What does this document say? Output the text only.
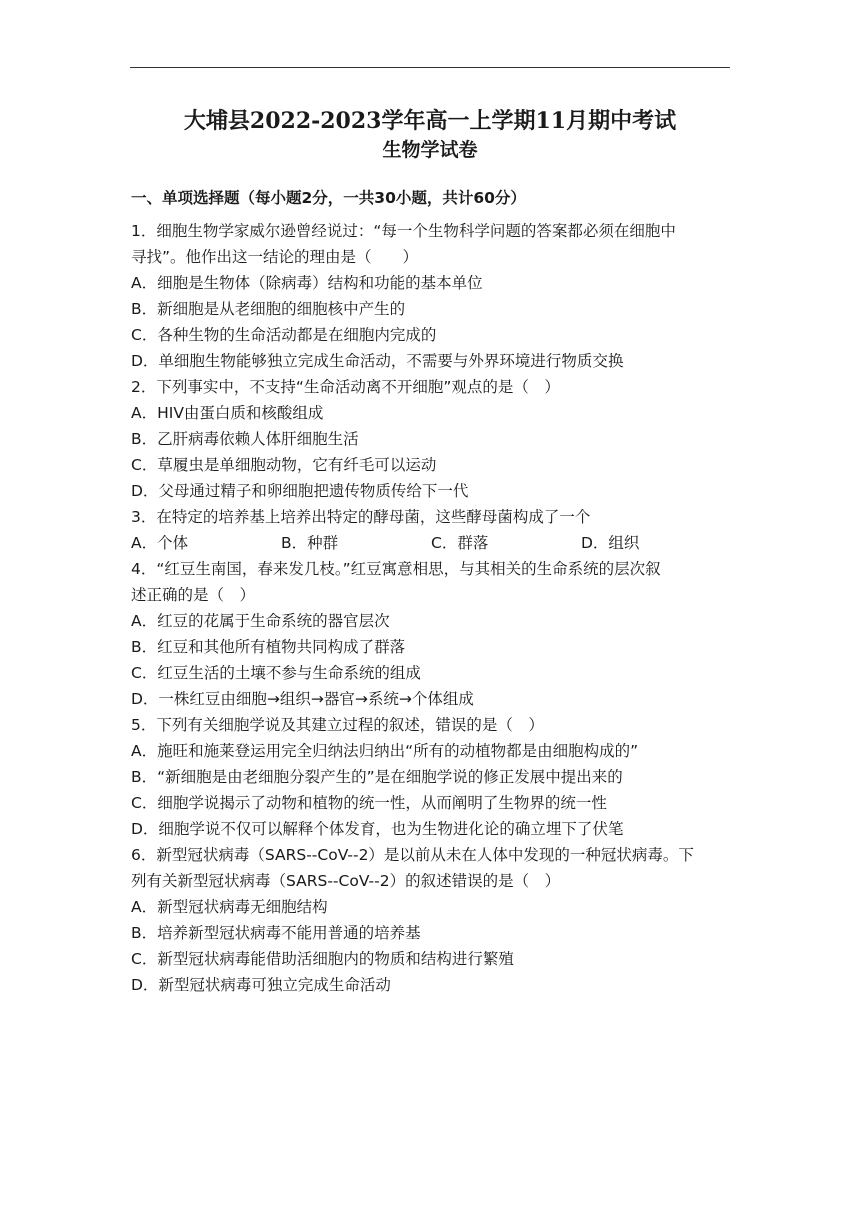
大埔县2022-2023学年高一上学期11月期中考试
生物学试卷
一、单项选择题（每小题2分，一共30小题，共计60分）
1．细胞生物学家威尔逊曾经说过：“每一个生物科学问题的答案都必须在细胞中
寻找”。他作出这一结论的理由是（　　）
A．细胞是生物体（除病毒）结构和功能的基本单位
B．新细胞是从老细胞的细胞核中产生的
C．各种生物的生命活动都是在细胞内完成的
D．单细胞生物能够独立完成生命活动，不需要与外界环境进行物质交换
2．下列事实中，不支持“生命活动离不开细胞”观点的是（　）
A．HIV由蛋白质和核酸组成
B．乙肝病毒依赖人体肝细胞生活
C．草履虫是单细胞动物，它有纤毛可以运动
D．父母通过精子和卵细胞把遗传物质传给下一代
3．在特定的培养基上培养出特定的酵母菌，这些酵母菌构成了一个
A．个体	B．种群	C．群落	D．组织
4．“红豆生南国，春来发几枝。”红豆寓意相思，与其相关的生命系统的层次叙
述正确的是（　）
A．红豆的花属于生命系统的器官层次
B．红豆和其他所有植物共同构成了群落
C．红豆生活的土壤不参与生命系统的组成
D．一株红豆由细胞→组织→器官→系统→个体组成
5．下列有关细胞学说及其建立过程的叙述，错误的是（　）
A．施旺和施莱登运用完全归纳法归纳出“所有的动植物都是由细胞构成的”
B．“新细胞是由老细胞分裂产生的”是在细胞学说的修正发展中提出来的
C．细胞学说揭示了动物和植物的统一性，从而阐明了生物界的统一性
D．细胞学说不仅可以解释个体发育，也为生物进化论的确立埋下了伏笔
6．新型冠状病毒（SARS--CoV--2）是以前从未在人体中发现的一种冠状病毒。下
列有关新型冠状病毒（SARS--CoV--2）的叙述错误的是（　）
A．新型冠状病毒无细胞结构
B．培养新型冠状病毒不能用普通的培养基
C．新型冠状病毒能借助活细胞内的物质和结构进行繁殖
D．新型冠状病毒可独立完成生命活动
